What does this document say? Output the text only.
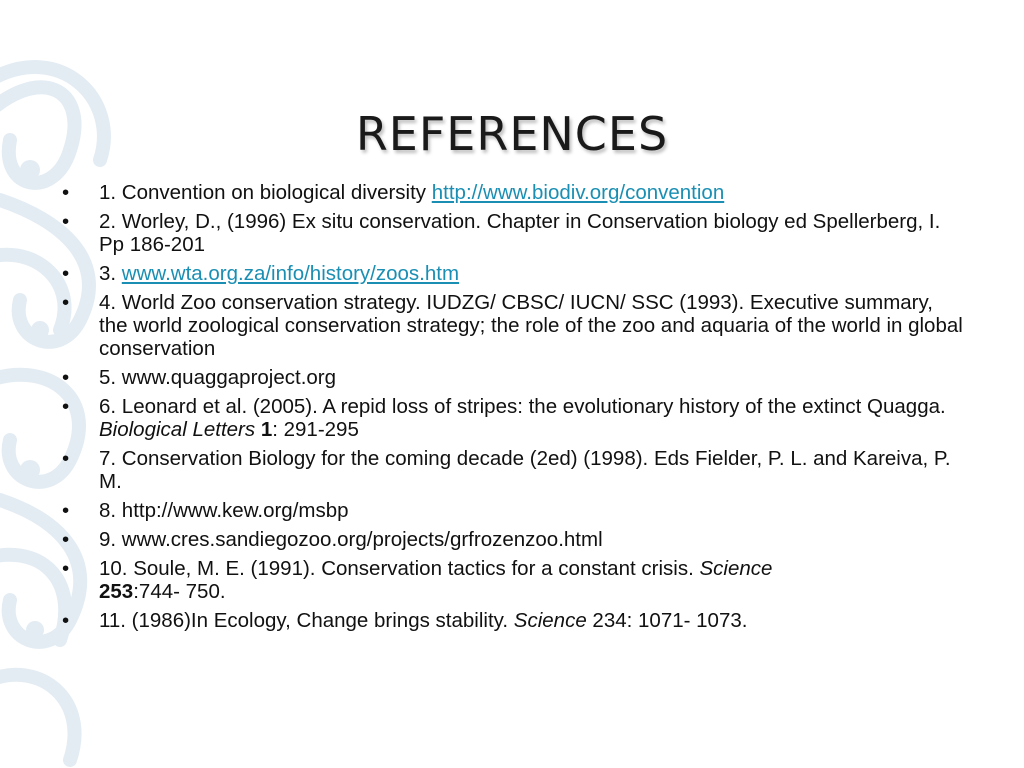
REFERENCES
• 1. Convention on biological diversity http://www.biodiv.org/convention
• 2. Worley, D., (1996) Ex situ conservation. Chapter in Conservation biology ed Spellerberg, I. Pp 186-201
• 3. www.wta.org.za/info/history/zoos.htm
• 4. World Zoo conservation strategy. IUDZG/ CBSC/ IUCN/ SSC (1993). Executive summary, the world zoological conservation strategy; the role of the zoo and aquaria of the world in global conservation
• 5. www.quaggaproject.org
• 6. Leonard et al. (2005). A repid loss of stripes: the evolutionary history of the extinct Quagga. Biological Letters 1: 291-295
• 7. Conservation Biology for the coming decade (2ed) (1998). Eds Fielder, P. L. and Kareiva, P. M.
• 8. http://www.kew.org/msbp
• 9. www.cres.sandiegozoo.org/projects/grfrozenzoo.html
• 10. Soule, M. E. (1991). Conservation tactics for a constant crisis. Science
253:744- 750.
• 11. (1986)In Ecology, Change brings stability. Science 234: 1071- 1073.
